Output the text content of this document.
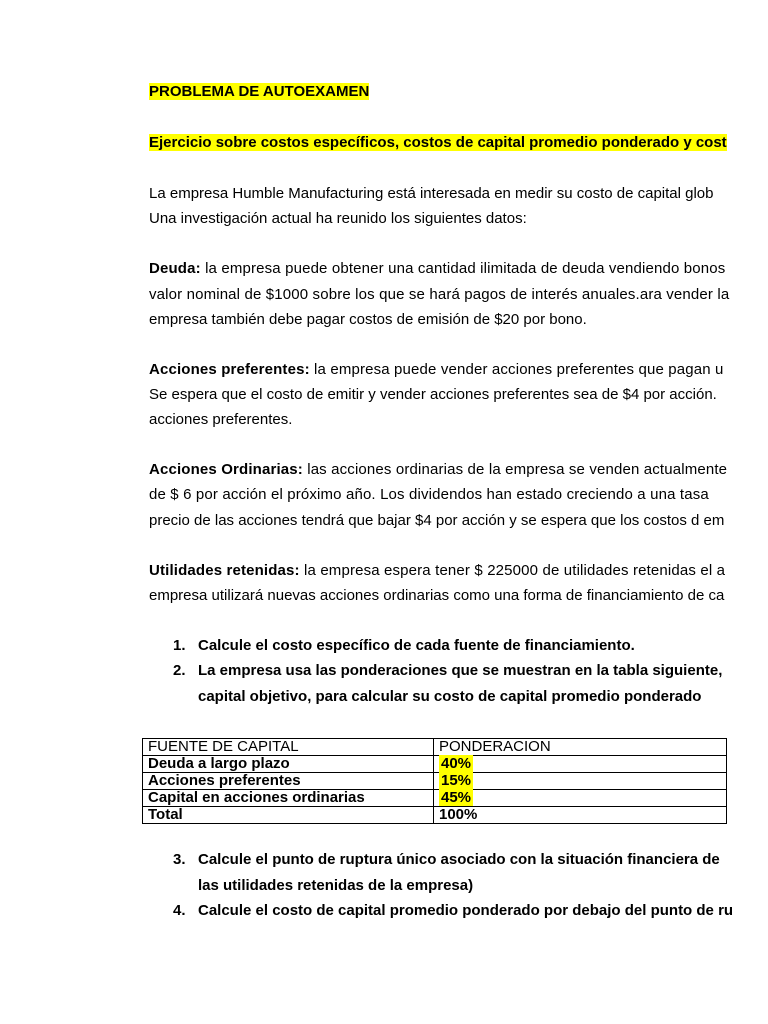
PROBLEMA DE AUTOEXAMEN
Ejercicio sobre costos específicos, costos de capital promedio ponderado y cost
La empresa Humble Manufacturing está interesada en medir su costo de capital glob
Una investigación actual ha reunido los siguientes datos:
Deuda: la empresa puede obtener una cantidad ilimitada de deuda vendiendo bonos
valor nominal de $1000 sobre los que se hará pagos de interés anuales.ara vender la
empresa también debe pagar costos de emisión de $20 por bono.
Acciones preferentes: la empresa puede vender acciones preferentes que pagan u
Se espera que el costo de emitir y vender acciones preferentes sea de $4 por acción.
acciones preferentes.
Acciones Ordinarias: las acciones ordinarias de la empresa se venden actualmente
de $ 6 por acción el próximo año. Los dividendos han estado creciendo a una tasa
precio de las acciones tendrá que bajar $4 por acción y se espera que los costos d em
Utilidades retenidas: la empresa espera tener $ 225000 de utilidades retenidas el a
empresa utilizará nuevas acciones ordinarias como una forma de financiamiento de ca
1. Calcule el costo específico de cada fuente de financiamiento.
2. La empresa usa las ponderaciones que se muestran en la tabla siguiente,
capital objetivo, para calcular su costo de capital promedio ponderado
FUENTE DE CAPITAL	PONDERACION
Deuda a largo plazo	40%
Acciones preferentes	15%
Capital en acciones ordinarias	45%
Total	100%
3. Calcule el punto de ruptura único asociado con la situación financiera de
las utilidades retenidas de la empresa)
4. Calcule el costo de capital promedio ponderado por debajo del punto de ru
